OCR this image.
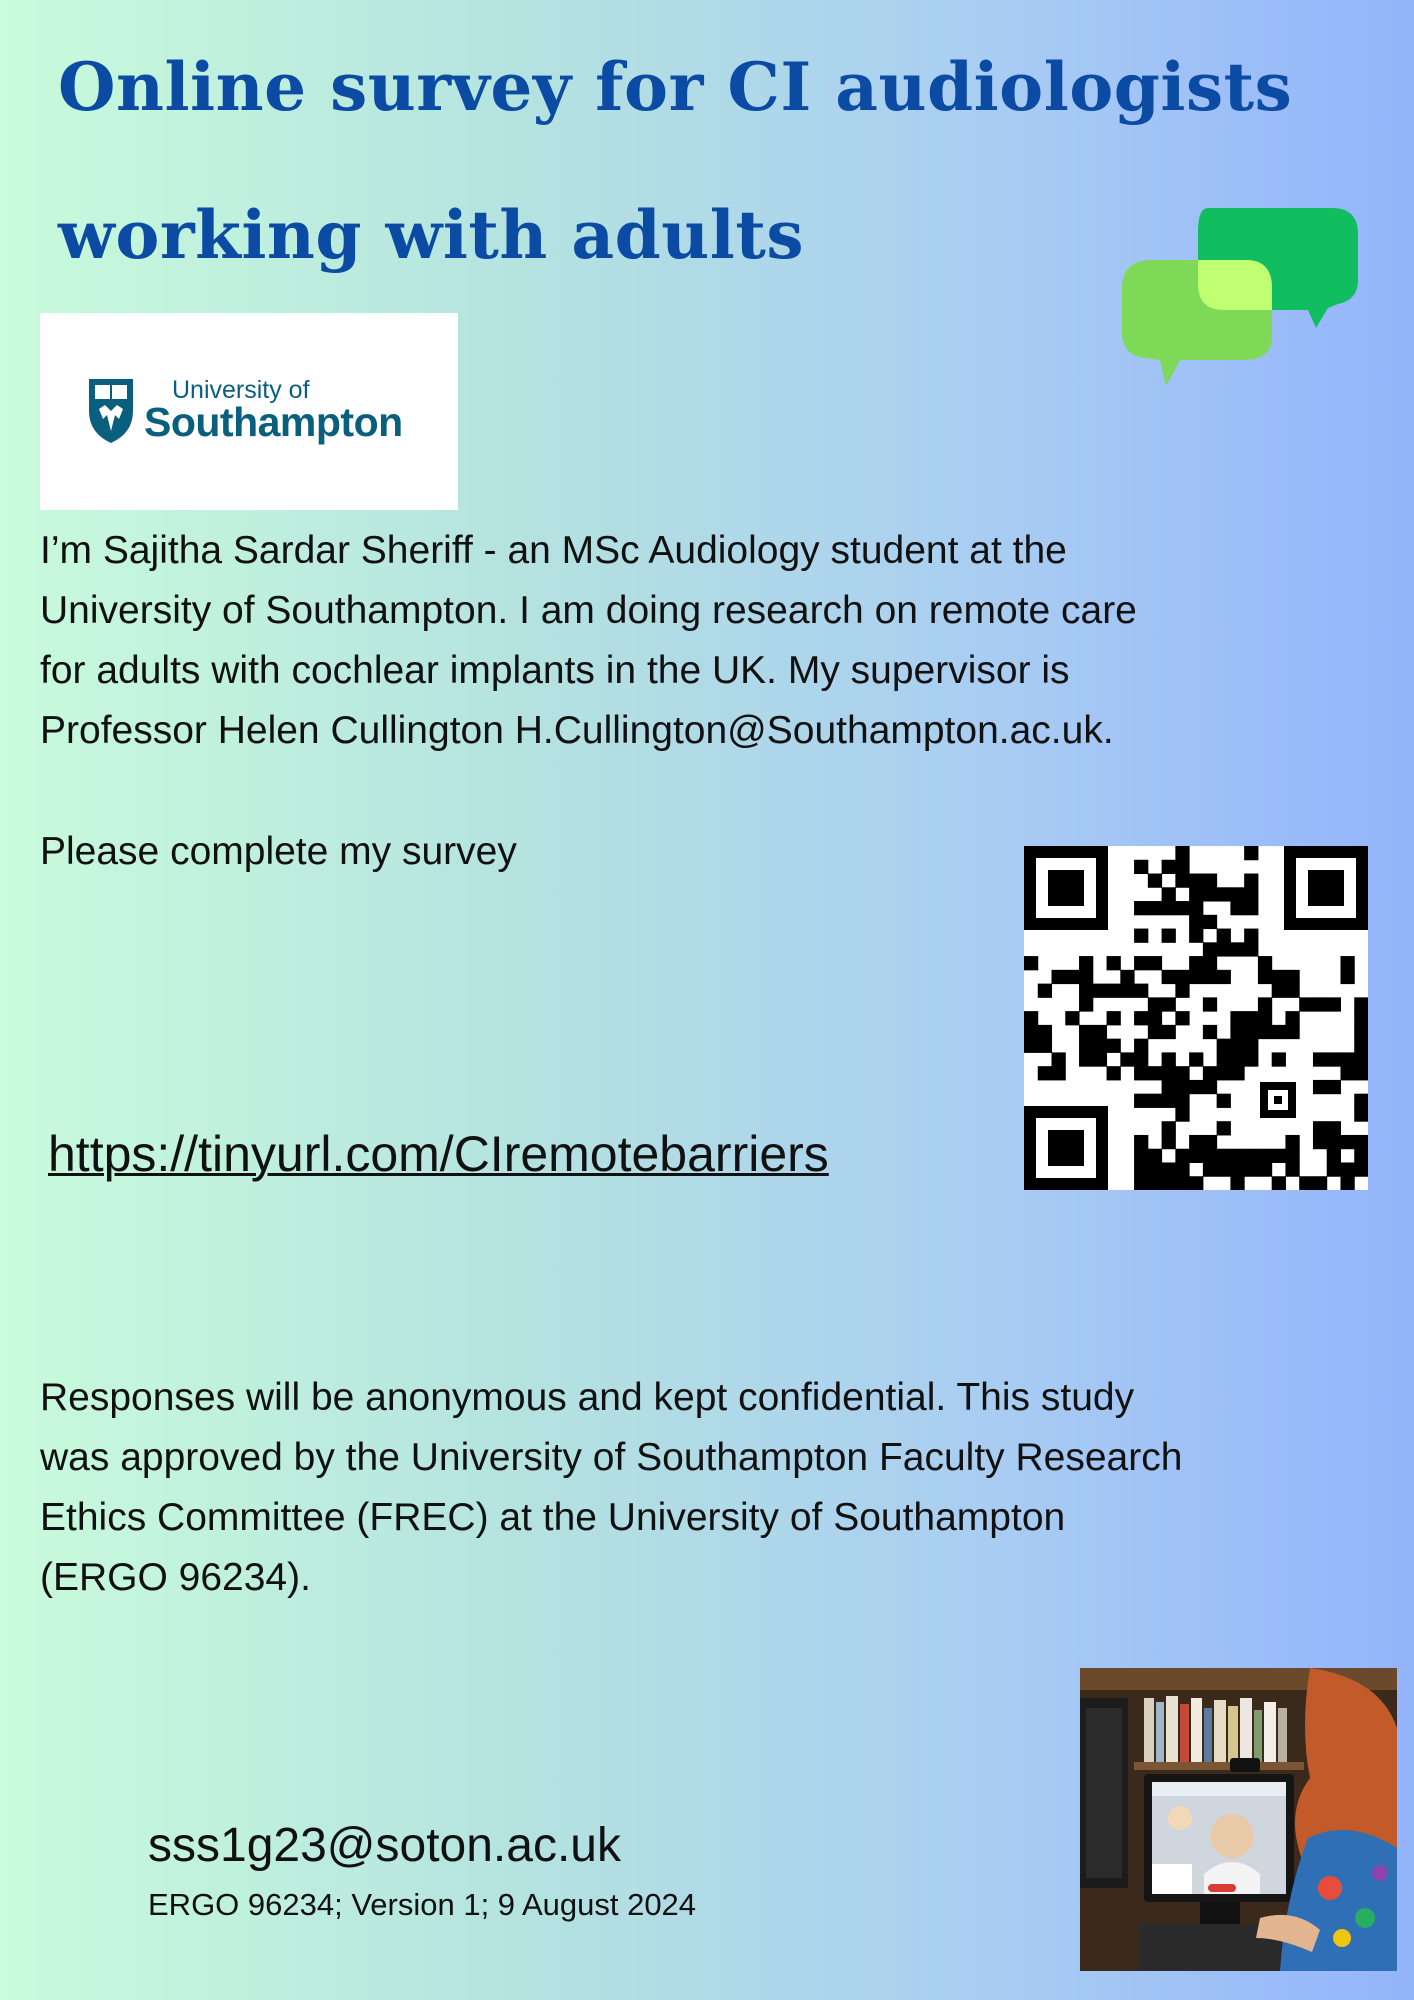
Online survey for CI audiologists
working with adults
University of
Southampton

I’m Sajitha Sardar Sheriff - an MSc Audiology student at the
University of Southampton. I am doing research on remote care
for adults with cochlear implants in the UK. My supervisor is
Professor Helen Cullington H.Cullington@Southampton.ac.uk.

Please complete my survey

https://tinyurl.com/CIremotebarriers

Responses will be anonymous and kept confidential. This study
was approved by the University of Southampton Faculty Research
Ethics Committee (FREC) at the University of Southampton
(ERGO 96234).

sss1g23@soton.ac.uk
ERGO 96234; Version 1; 9 August 2024
